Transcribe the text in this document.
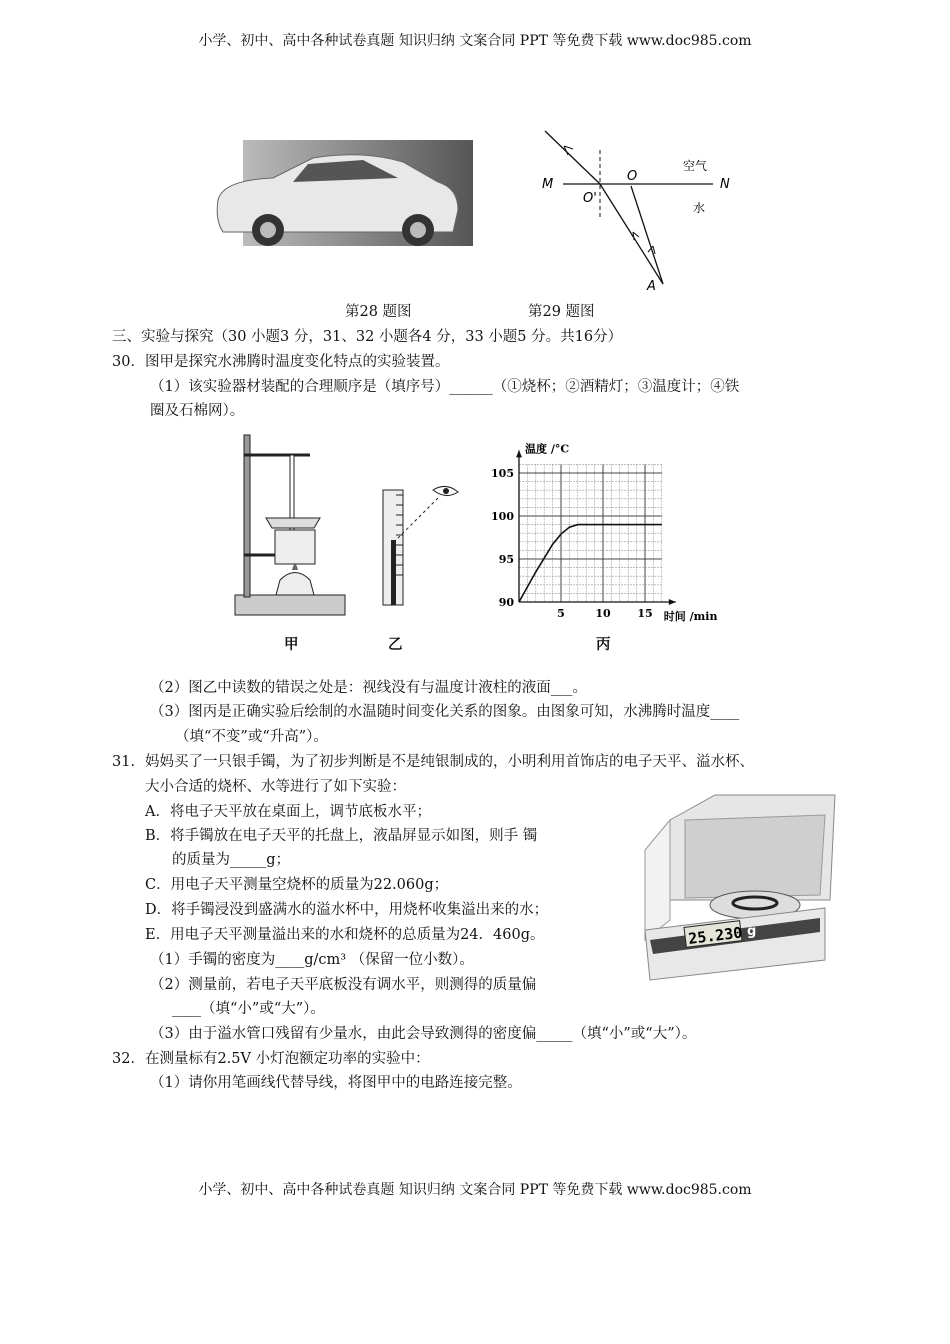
小学、初中、高中各种试卷真题 知识归纳 文案合同 PPT 等免费下载 www.doc985.com
M	N
O
O'
A
空气
水
第28 题图	第29 题图
三、实验与探究（30 小题3 分，31、32 小题各4 分，33 小题5 分。共16分）
30．图甲是探究水沸腾时温度变化特点的实验装置。
（1）该实验器材装配的合理顺序是（填序号）______（①烧杯；②酒精灯；③温度计；④铁
圈及石棉网）。
5	10 15
90
95
100
105
温度 /°C
时间 /min
甲	乙	丙
（2）图乙中读数的错误之处是：视线没有与温度计液柱的液面___。
（3）图丙是正确实验后绘制的水温随时间变化关系的图象。由图象可知，水沸腾时温度____
（填“不变”或“升高”）。
31．妈妈买了一只银手镯，为了初步判断是不是纯银制成的，小明利用首饰店的电子天平、溢水杯、
大小合适的烧杯、水等进行了如下实验：
A．将电子天平放在桌面上，调节底板水平；
B．将手镯放在电子天平的托盘上，液晶屏显示如图，则手 镯
的质量为_____g；
C．用电子天平测量空烧杯的质量为22.060g；
D．将手镯浸没到盛满水的溢水杯中，用烧杯收集溢出来的水；
E．用电子天平测量溢出来的水和烧杯的总质量为24．460g。
（1）手镯的密度为____g/cm³ （保留一位小数）。
（2）测量前，若电子天平底板没有调水平，则测得的质量偏
____（填“小”或“大”）。
（3）由于溢水管口残留有少量水，由此会导致测得的密度偏_____（填“小”或“大”）。
25.230 g
32．在测量标有2.5V 小灯泡额定功率的实验中：
（1）请你用笔画线代替导线，将图甲中的电路连接完整。
小学、初中、高中各种试卷真题 知识归纳 文案合同 PPT 等免费下载 www.doc985.com
